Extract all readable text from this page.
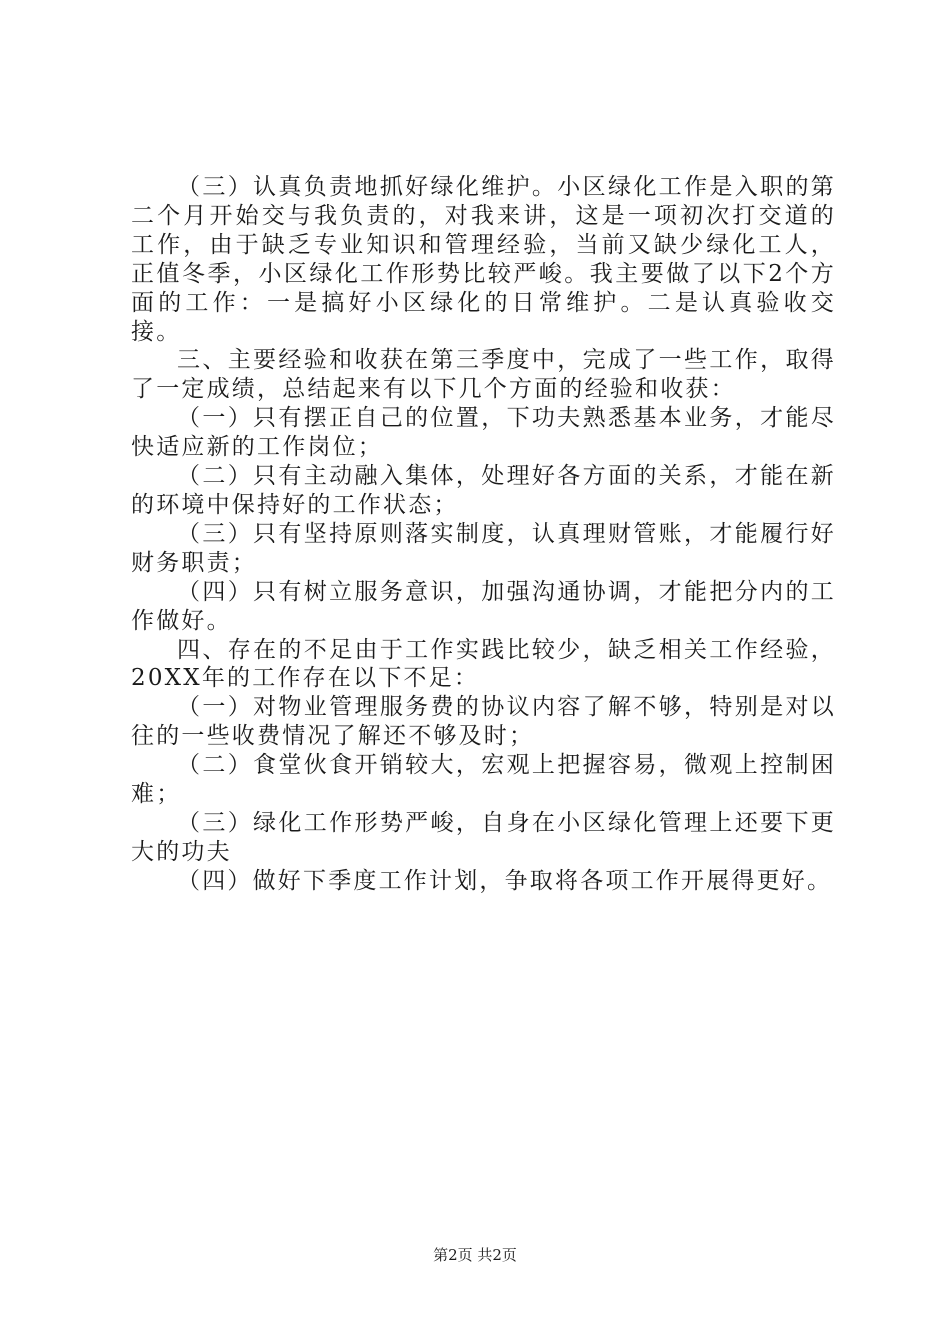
（三）认真负责地抓好绿化维护。小区绿化工作是入职的第二个月开始交与我负责的，对我来讲，这是一项初次打交道的工作，由于缺乏专业知识和管理经验，当前又缺少绿化工人，正值冬季，小区绿化工作形势比较严峻。我主要做了以下2个方面的工作：一是搞好小区绿化的日常维护。二是认真验收交接。

三、主要经验和收获在第三季度中，完成了一些工作，取得了一定成绩，总结起来有以下几个方面的经验和收获：

（一）只有摆正自己的位置，下功夫熟悉基本业务，才能尽快适应新的工作岗位；

（二）只有主动融入集体，处理好各方面的关系，才能在新的环境中保持好的工作状态；

（三）只有坚持原则落实制度，认真理财管账，才能履行好财务职责；

（四）只有树立服务意识，加强沟通协调，才能把分内的工作做好。

四、存在的不足由于工作实践比较少，缺乏相关工作经验，20XX年的工作存在以下不足：

（一）对物业管理服务费的协议内容了解不够，特别是对以往的一些收费情况了解还不够及时；

（二）食堂伙食开销较大，宏观上把握容易，微观上控制困难；

（三）绿化工作形势严峻，自身在小区绿化管理上还要下更大的功夫

（四）做好下季度工作计划，争取将各项工作开展得更好。

第2页 共2页
